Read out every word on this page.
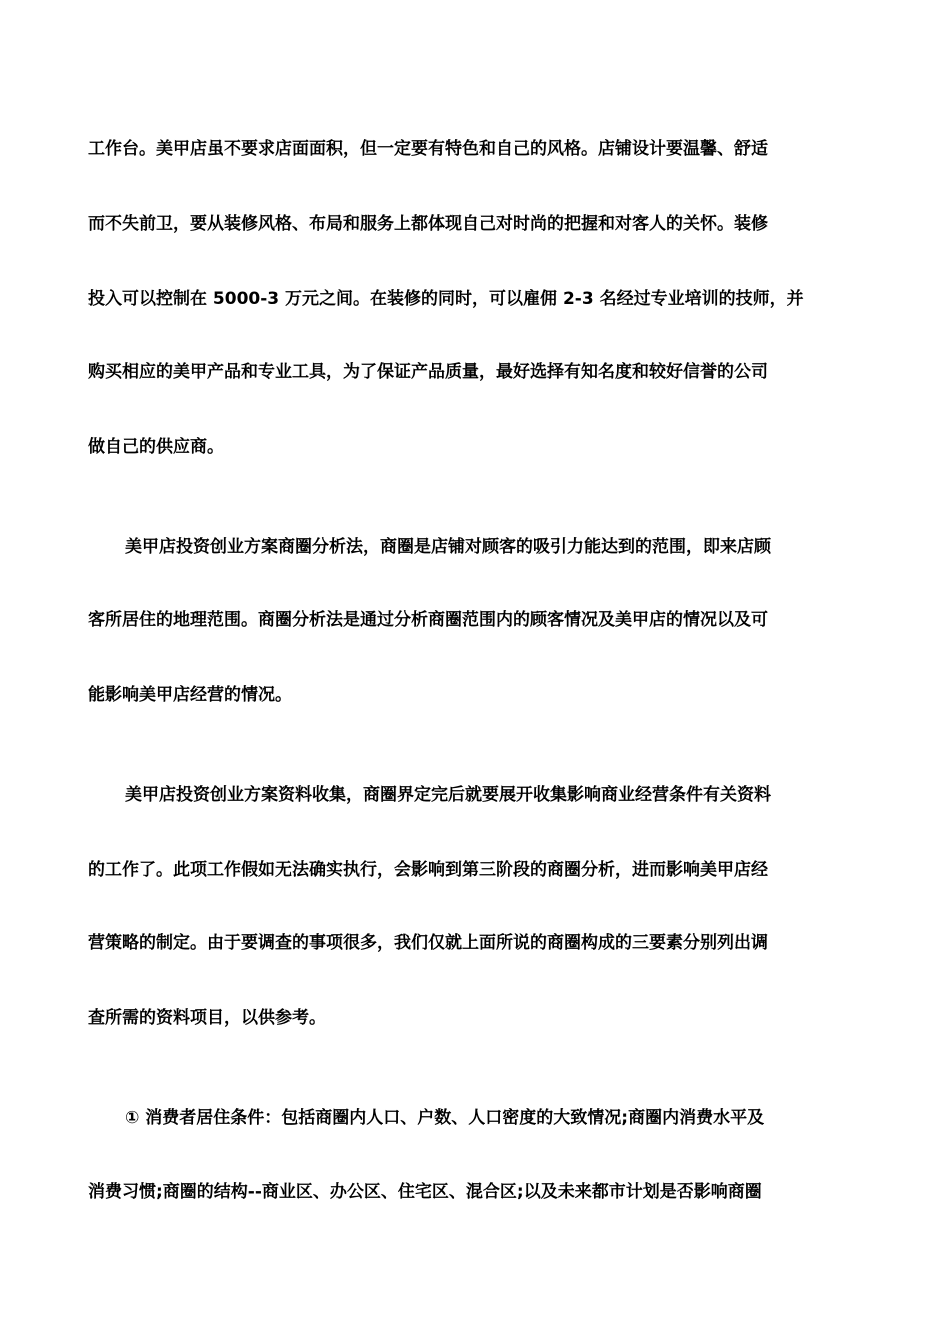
工作台。美甲店虽不要求店面面积，但一定要有特色和自己的风格。店铺设计要温馨、舒适
而不失前卫，要从装修风格、布局和服务上都体现自己对时尚的把握和对客人的关怀。装修
投入可以控制在 5000-3 万元之间。在装修的同时，可以雇佣 2-3 名经过专业培训的技师，并
购买相应的美甲产品和专业工具，为了保证产品质量，最好选择有知名度和较好信誉的公司
做自己的供应商。
美甲店投资创业方案商圈分析法，商圈是店铺对顾客的吸引力能达到的范围，即来店顾
客所居住的地理范围。商圈分析法是通过分析商圈范围内的顾客情况及美甲店的情况以及可
能影响美甲店经营的情况。
美甲店投资创业方案资料收集，商圈界定完后就要展开收集影响商业经营条件有关资料
的工作了。此项工作假如无法确实执行，会影响到第三阶段的商圈分析，进而影响美甲店经
营策略的制定。由于要调查的事项很多，我们仅就上面所说的商圈构成的三要素分别列出调
查所需的资料项目，以供参考。
① 消费者居住条件：包括商圈内人口、户数、人口密度的大致情况;商圈内消费水平及
消费习惯;商圈的结构--商业区、办公区、住宅区、混合区;以及未来都市计划是否影响商圈
